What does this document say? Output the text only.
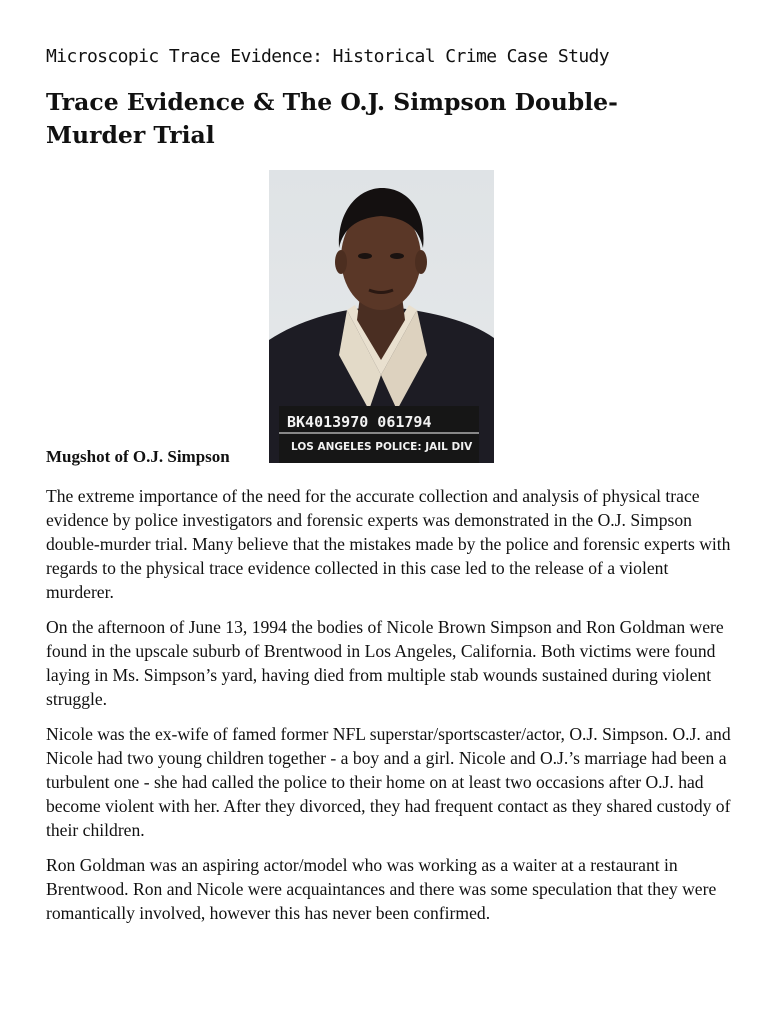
Microscopic Trace Evidence: Historical Crime Case Study
Trace Evidence & The O.J. Simpson Double-Murder Trial
BK4013970 061794
LOS ANGELES POLICE: JAIL DIV
Mugshot of O.J. Simpson

The extreme importance of the need for the accurate collection and analysis of physical trace evidence by police investigators and forensic experts was demonstrated in the O.J. Simpson double-murder trial. Many believe that the mistakes made by the police and forensic experts with regards to the physical trace evidence collected in this case led to the release of a violent murderer.

On the afternoon of June 13, 1994 the bodies of Nicole Brown Simpson and Ron Goldman were found in the upscale suburb of Brentwood in Los Angeles, California. Both victims were found laying in Ms. Simpson’s yard, having died from multiple stab wounds sustained during violent struggle.

Nicole was the ex-wife of famed former NFL superstar/sportscaster/actor, O.J. Simpson. O.J. and Nicole had two young children together - a boy and a girl. Nicole and O.J.’s marriage had been a turbulent one - she had called the police to their home on at least two occasions after O.J. had become violent with her. After they divorced, they had frequent contact as they shared custody of their children.

Ron Goldman was an aspiring actor/model who was working as a waiter at a restaurant in Brentwood. Ron and Nicole were acquaintances and there was some speculation that they were romantically involved, however this has never been confirmed.
